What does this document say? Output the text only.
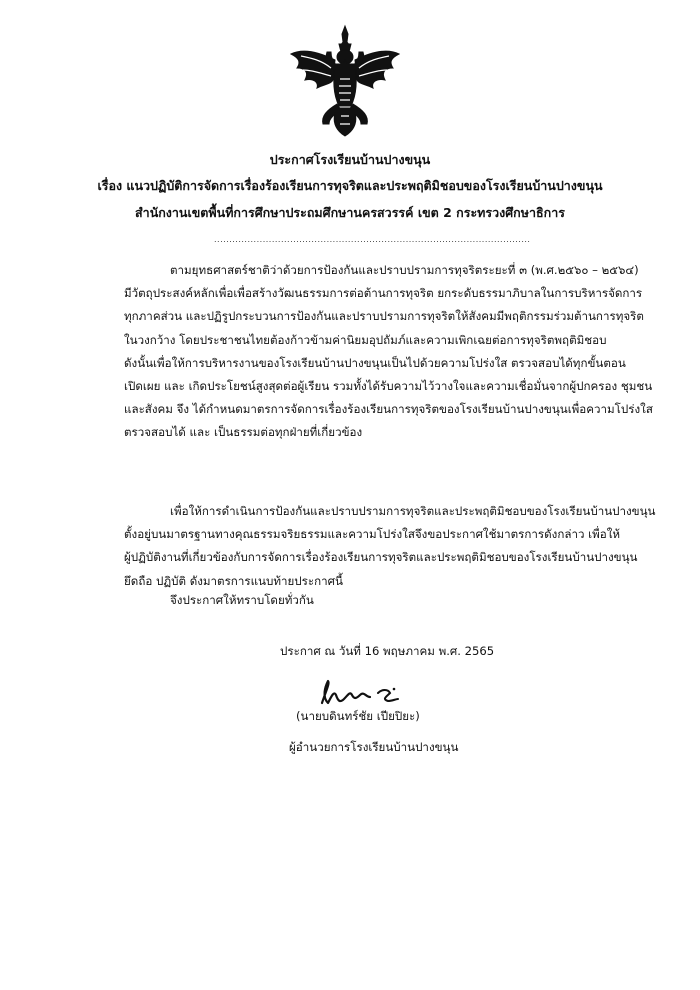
ประกาศโรงเรียนบ้านปางขนุน
เรื่อง แนวปฏิบัติการจัดการเรื่องร้องเรียนการทุจริตและประพฤติมิชอบของโรงเรียนบ้านปางขนุน
สำนักงานเขตพื้นที่การศึกษาประถมศึกษานครสวรรค์ เขต 2 กระทรวงศึกษาธิการ
........................................................................................................
ตามยุทธศาสตร์ชาติว่าด้วยการป้องกันและปราบปรามการทุจริตระยะที่ ๓ (พ.ศ.๒๕๖๐ – ๒๕๖๔)
มีวัตถุประสงค์หลักเพื่อเพื่อสร้างวัฒนธรรมการต่อต้านการทุจริต ยกระดับธรรมาภิบาลในการบริหารจัดการ
ทุกภาคส่วน และปฏิรูปกระบวนการป้องกันและปราบปรามการทุจริตให้สังคมมีพฤติกรรมร่วมต้านการทุจริต
ในวงกว้าง โดยประชาชนไทยต้องก้าวข้ามค่านิยมอุปถัมภ์และความเพิกเฉยต่อการทุจริตพฤติมิชอบ
ดังนั้นเพื่อให้การบริหารงานของโรงเรียนบ้านปางขนุนเป็นไปด้วยความโปร่งใส ตรวจสอบได้ทุกขั้นตอน
เปิดเผย และ เกิดประโยชน์สูงสุดต่อผู้เรียน รวมทั้งได้รับความไว้วางใจและความเชื่อมั่นจากผู้ปกครอง ชุมชน
และสังคม จึง ได้กำหนดมาตรการจัดการเรื่องร้องเรียนการทุจริตของโรงเรียนบ้านปางขนุนเพื่อความโปร่งใส
ตรวจสอบได้ และ เป็นธรรมต่อทุกฝ่ายที่เกี่ยวข้อง
เพื่อให้การดำเนินการป้องกันและปราบปรามการทุจริตและประพฤติมิชอบของโรงเรียนบ้านปางขนุน
ตั้งอยู่บนมาตรฐานทางคุณธรรมจริยธรรมและความโปร่งใสจึงขอประกาศใช้มาตรการดังกล่าว เพื่อให้
ผู้ปฏิบัติงานที่เกี่ยวข้องกับการจัดการเรื่องร้องเรียนการทุจริตและประพฤติมิชอบของโรงเรียนบ้านปางขนุน
ยึดถือ ปฏิบัติ ดังมาตรการแนบท้ายประกาศนี้
จึงประกาศให้ทราบโดยทั่วกัน
ประกาศ ณ วันที่ 16 พฤษภาคม พ.ศ. 2565
(นายบดินทร์ชัย เปียปิยะ)
ผู้อำนวยการโรงเรียนบ้านปางขนุน
